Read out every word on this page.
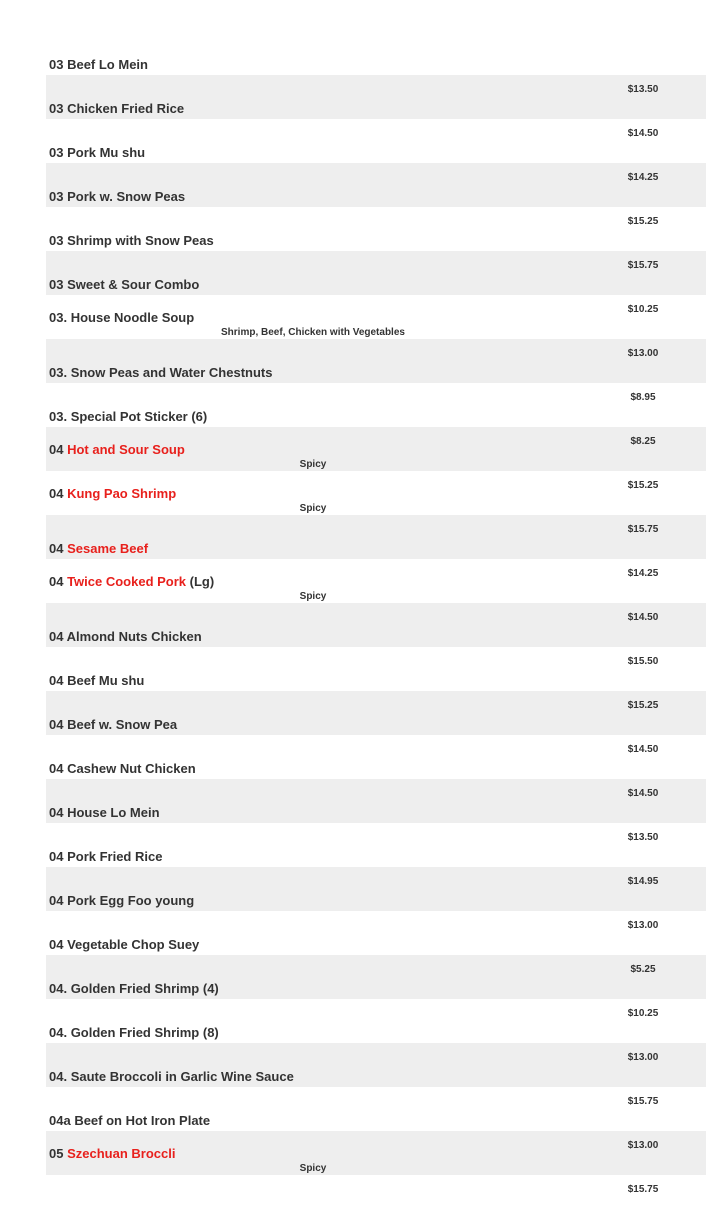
03 Beef Lo Mein
$13.50
03 Chicken Fried Rice
$14.50
03 Pork Mu shu
$14.25
03 Pork w. Snow Peas
$15.25
03 Shrimp with Snow Peas
$15.75
03 Sweet & Sour Combo
$10.25
03. House Noodle Soup
Shrimp, Beef, Chicken with Vegetables
$13.00
03. Snow Peas and Water Chestnuts
$8.95
03. Special Pot Sticker (6)
$8.25
04 Hot and Sour Soup
Spicy
$15.25
04 Kung Pao Shrimp
Spicy
$15.75
04 Sesame Beef
$14.25
04 Twice Cooked Pork (Lg)
Spicy
$14.50
04 Almond Nuts Chicken
$15.50
04 Beef Mu shu
$15.25
04 Beef w. Snow Pea
$14.50
04 Cashew Nut Chicken
$14.50
04 House Lo Mein
$13.50
04 Pork Fried Rice
$14.95
04 Pork Egg Foo young
$13.00
04 Vegetable Chop Suey
$5.25
04. Golden Fried Shrimp (4)
$10.25
04. Golden Fried Shrimp (8)
$13.00
04. Saute Broccoli in Garlic Wine Sauce
$15.75
04a Beef on Hot Iron Plate
$13.00
05 Szechuan Broccli
Spicy
$15.75
